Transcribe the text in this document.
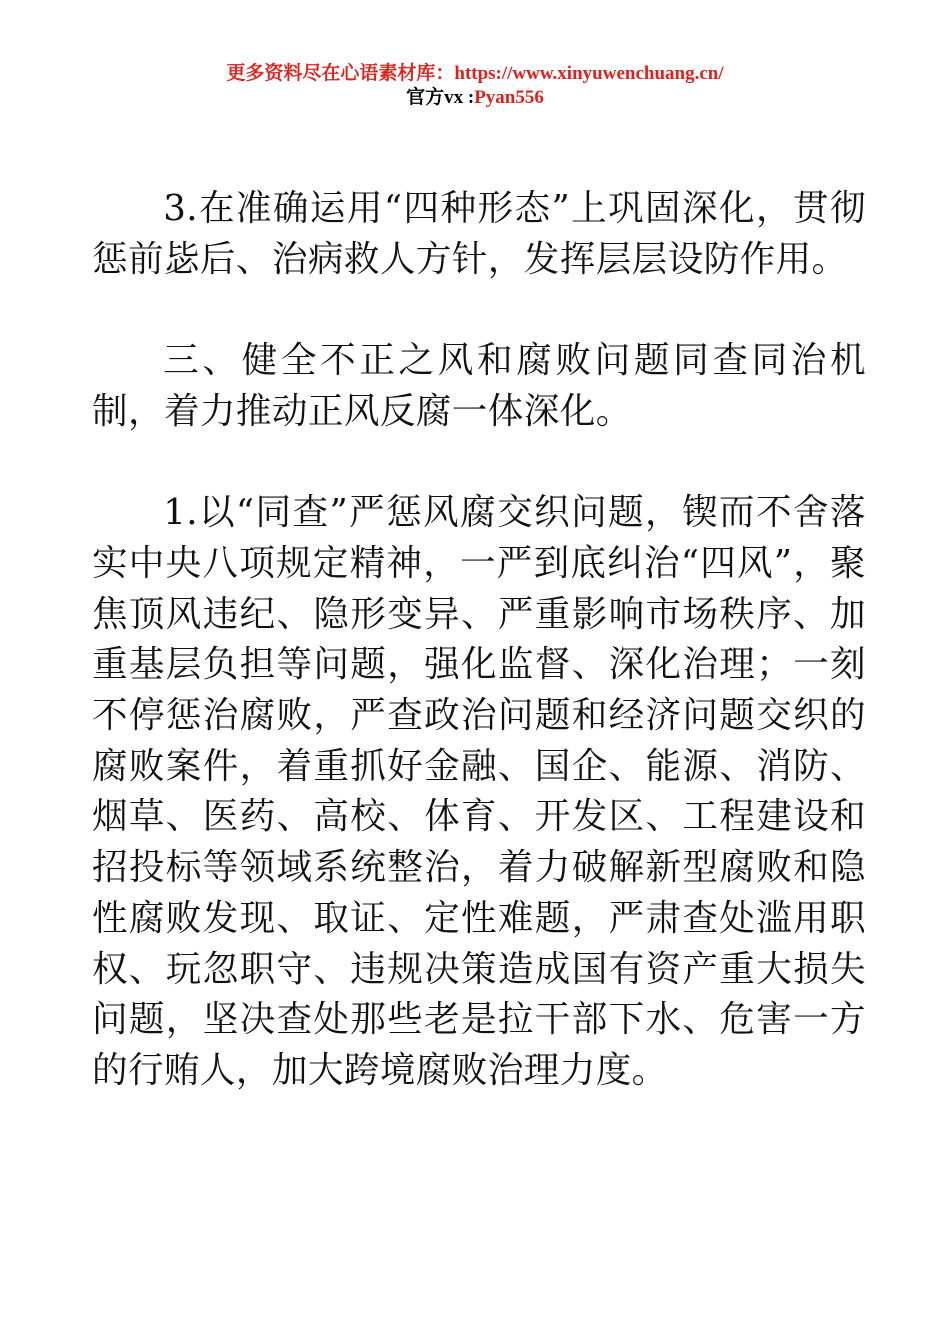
更多资料尽在心语素材库：https://www.xinyuwenchuang.cn/
官方vx :Pyan556

3.在准确运用“四种形态”上巩固深化，贯彻惩前毖后、治病救人方针，发挥层层设防作用。

三、健全不正之风和腐败问题同查同治机制，着力推动正风反腐一体深化。

1.以“同查”严惩风腐交织问题，锲而不舍落实中央八项规定精神，一严到底纠治“四风”，聚焦顶风违纪、隐形变异、严重影响市场秩序、加重基层负担等问题，强化监督、深化治理；一刻不停惩治腐败，严查政治问题和经济问题交织的腐败案件，着重抓好金融、国企、能源、消防、烟草、医药、高校、体育、开发区、工程建设和招投标等领域系统整治，着力破解新型腐败和隐性腐败发现、取证、定性难题，严肃查处滥用职权、玩忽职守、违规决策造成国有资产重大损失问题，坚决查处那些老是拉干部下水、危害一方的行贿人，加大跨境腐败治理力度。
